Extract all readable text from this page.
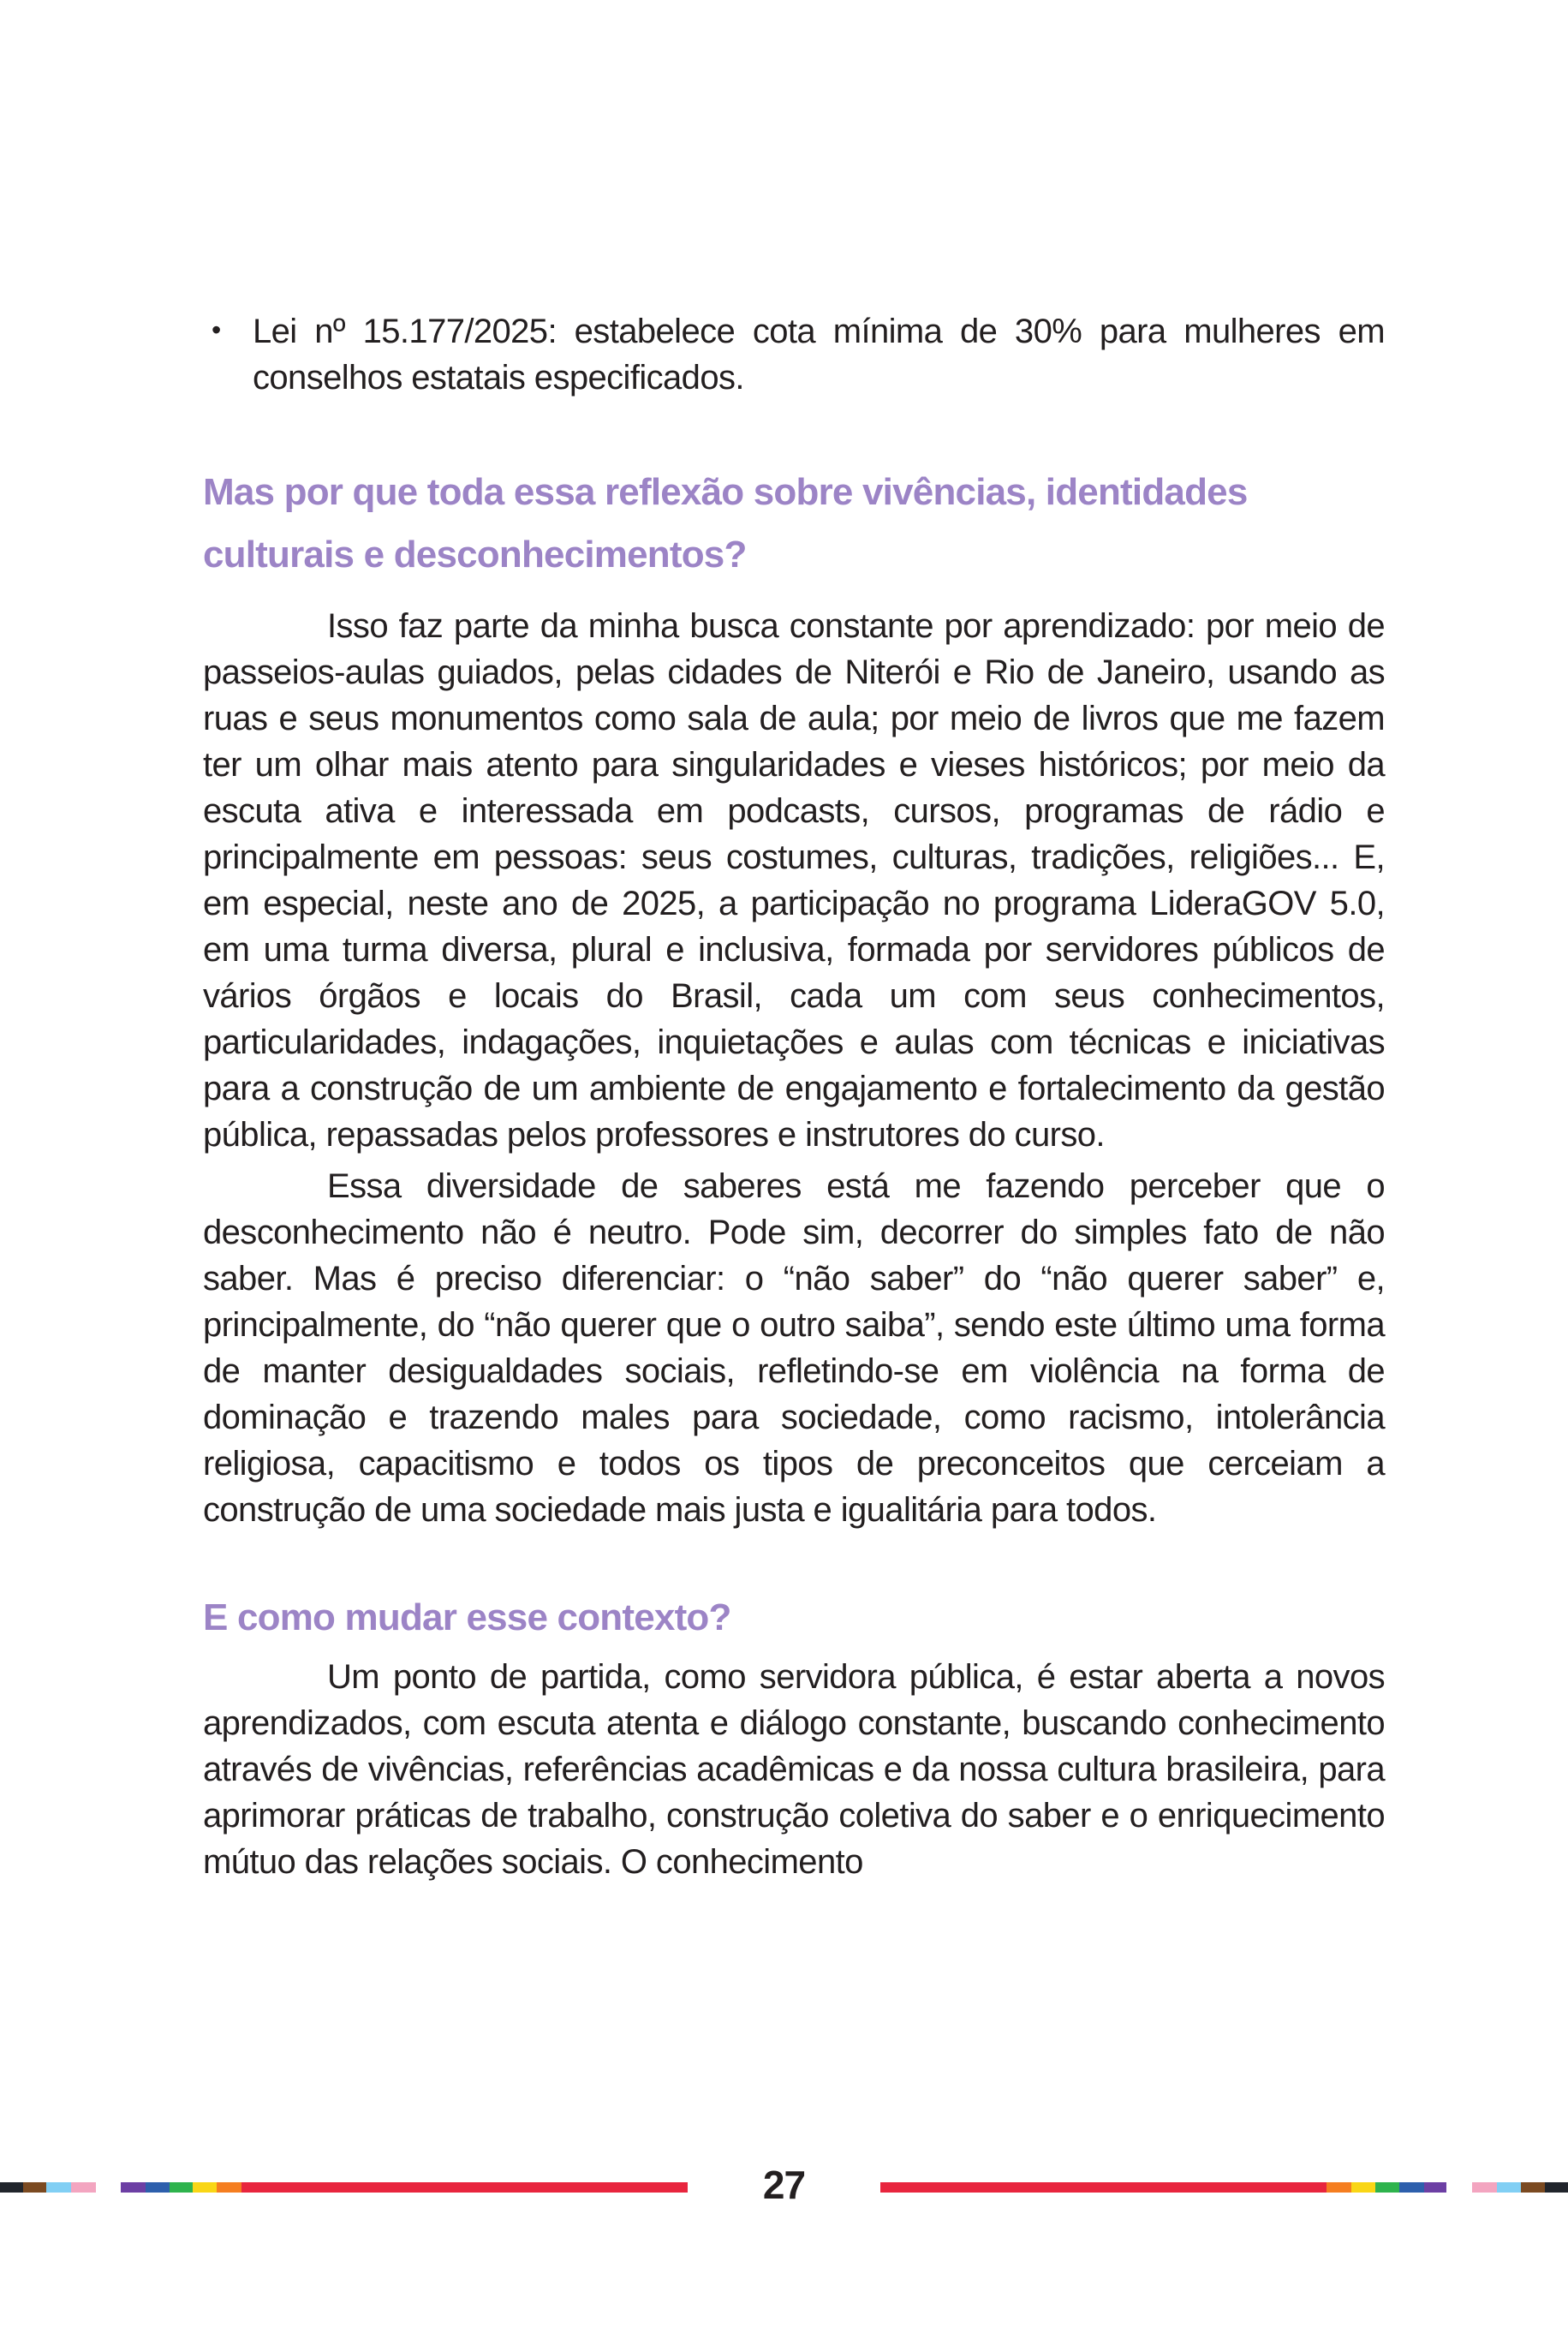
• Lei nº 15.177/2025: estabelece cota mínima de 30% para mulheres em conselhos estatais especificados.

Mas por que toda essa reflexão sobre vivências, identidades culturais e desconhecimentos?

Isso faz parte da minha busca constante por aprendizado: por meio de passeios-aulas guiados, pelas cidades de Niterói e Rio de Janeiro, usando as ruas e seus monumentos como sala de aula; por meio de livros que me fazem ter um olhar mais atento para singularidades e vieses históricos; por meio da escuta ativa e interessada em podcasts, cursos, programas de rádio e principalmente em pessoas: seus costumes, culturas, tradições, religiões... E, em especial, neste ano de 2025, a participação no programa LideraGOV 5.0, em uma turma diversa, plural e inclusiva, formada por servidores públicos de vários órgãos e locais do Brasil, cada um com seus conhecimentos, particularidades, indagações, inquietações e aulas com técnicas e iniciativas para a construção de um ambiente de engajamento e fortalecimento da gestão pública, repassadas pelos professores e instrutores do curso.

Essa diversidade de saberes está me fazendo perceber que o desconhecimento não é neutro. Pode sim, decorrer do simples fato de não saber. Mas é preciso diferenciar: o “não saber” do “não querer saber” e, principalmente, do “não querer que o outro saiba”, sendo este último uma forma de manter desigualdades sociais, refletindo-se em violência na forma de dominação e trazendo males para sociedade, como racismo, intolerância religiosa, capacitismo e todos os tipos de preconceitos que cerceiam a construção de uma sociedade mais justa e igualitária para todos.

E como mudar esse contexto?

Um ponto de partida, como servidora pública, é estar aberta a novos aprendizados, com escuta atenta e diálogo constante, buscando conhecimento através de vivências, referências acadêmicas e da nossa cultura brasileira, para aprimorar práticas de trabalho, construção coletiva do saber e o enriquecimento mútuo das relações sociais. O conhecimento

27
